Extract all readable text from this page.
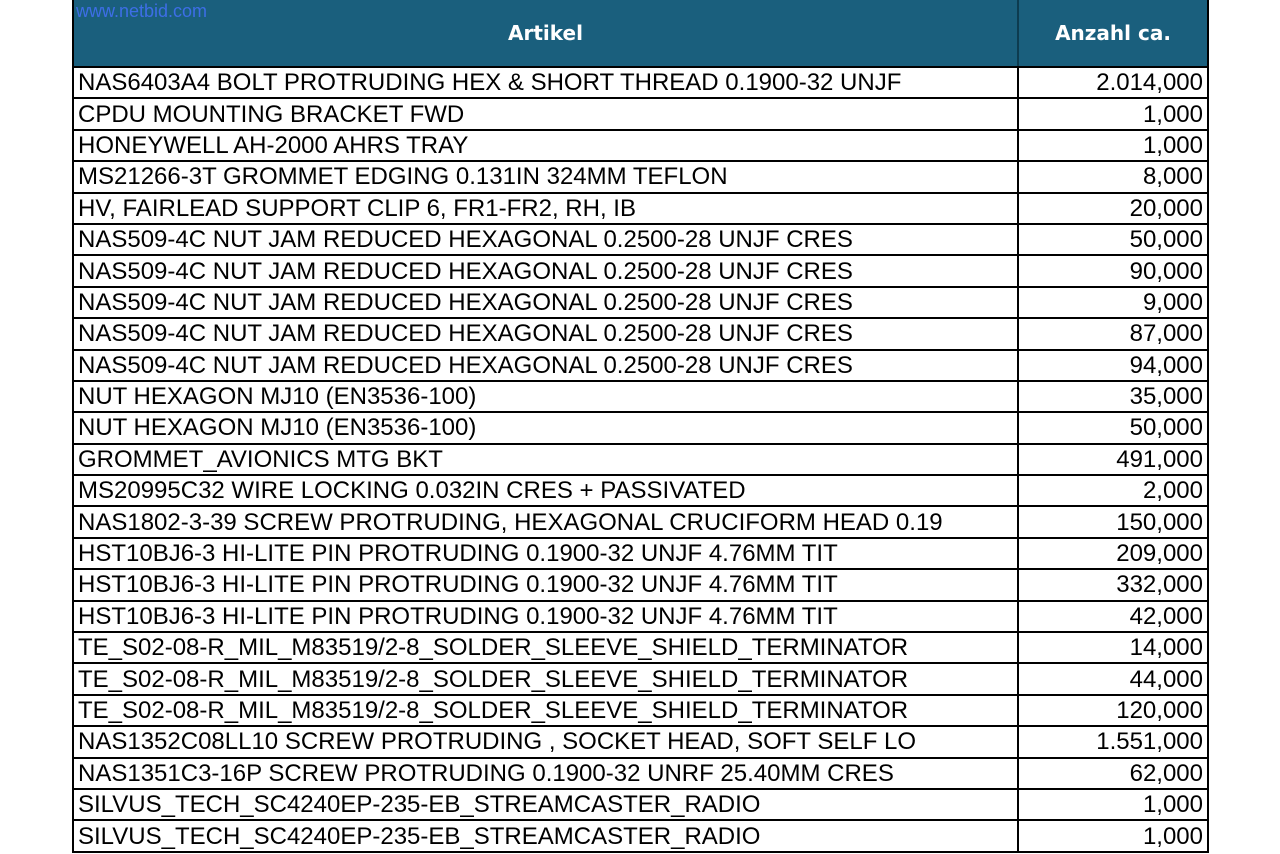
www.netbid.com
Artikel	Anzahl ca.
NAS6403A4 BOLT PROTRUDING HEX & SHORT THREAD 0.1900-32 UNJF	2.014,000
CPDU MOUNTING BRACKET FWD	1,000
HONEYWELL AH-2000 AHRS TRAY	1,000
MS21266-3T GROMMET EDGING 0.131IN 324MM TEFLON	8,000
HV, FAIRLEAD SUPPORT CLIP 6, FR1-FR2, RH, IB	20,000
NAS509-4C NUT JAM REDUCED HEXAGONAL 0.2500-28 UNJF CRES	50,000
NAS509-4C NUT JAM REDUCED HEXAGONAL 0.2500-28 UNJF CRES	90,000
NAS509-4C NUT JAM REDUCED HEXAGONAL 0.2500-28 UNJF CRES	9,000
NAS509-4C NUT JAM REDUCED HEXAGONAL 0.2500-28 UNJF CRES	87,000
NAS509-4C NUT JAM REDUCED HEXAGONAL 0.2500-28 UNJF CRES	94,000
NUT HEXAGON MJ10 (EN3536-100)	35,000
NUT HEXAGON MJ10 (EN3536-100)	50,000
GROMMET_AVIONICS MTG BKT	491,000
MS20995C32 WIRE LOCKING 0.032IN CRES + PASSIVATED	2,000
NAS1802-3-39 SCREW PROTRUDING, HEXAGONAL CRUCIFORM HEAD 0.19	150,000
HST10BJ6-3 HI-LITE PIN PROTRUDING 0.1900-32 UNJF 4.76MM TIT	209,000
HST10BJ6-3 HI-LITE PIN PROTRUDING 0.1900-32 UNJF 4.76MM TIT	332,000
HST10BJ6-3 HI-LITE PIN PROTRUDING 0.1900-32 UNJF 4.76MM TIT	42,000
TE_S02-08-R_MIL_M83519/2-8_SOLDER_SLEEVE_SHIELD_TERMINATOR	14,000
TE_S02-08-R_MIL_M83519/2-8_SOLDER_SLEEVE_SHIELD_TERMINATOR	44,000
TE_S02-08-R_MIL_M83519/2-8_SOLDER_SLEEVE_SHIELD_TERMINATOR	120,000
NAS1352C08LL10 SCREW PROTRUDING , SOCKET HEAD, SOFT SELF LO	1.551,000
NAS1351C3-16P SCREW PROTRUDING 0.1900-32 UNRF 25.40MM CRES	62,000
SILVUS_TECH_SC4240EP-235-EB_STREAMCASTER_RADIO	1,000
SILVUS_TECH_SC4240EP-235-EB_STREAMCASTER_RADIO	1,000
